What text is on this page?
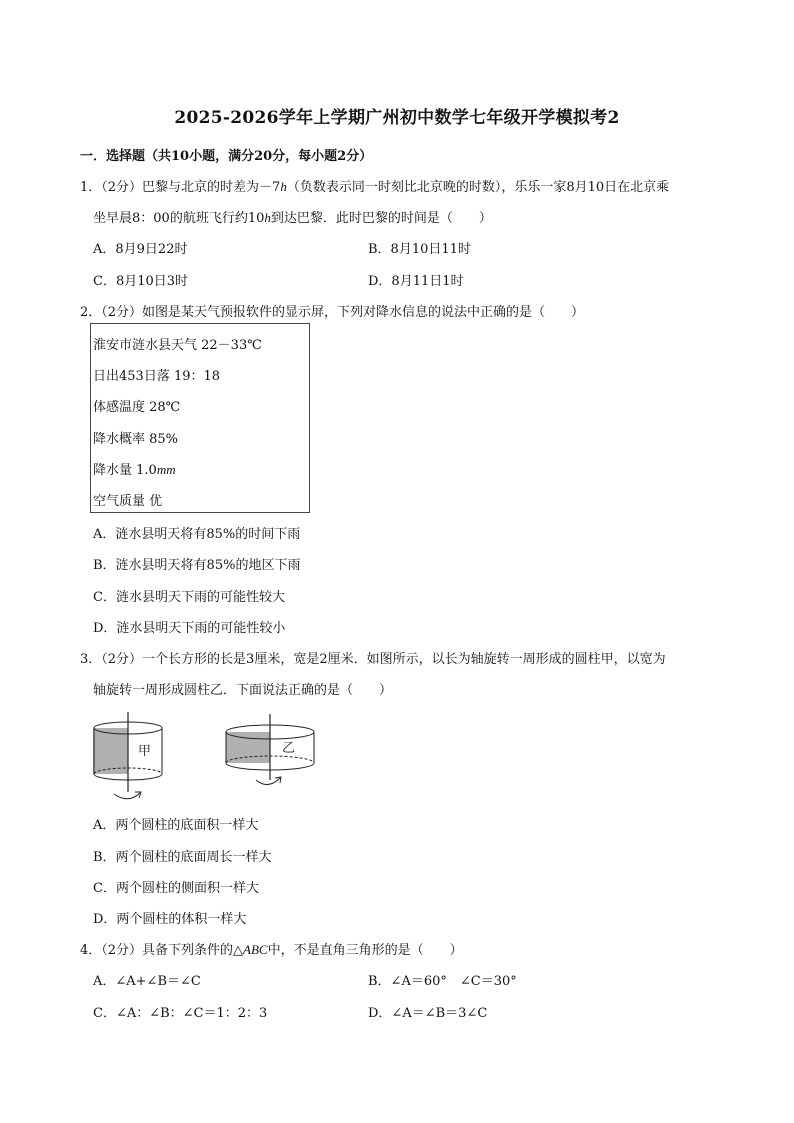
2025-2026学年上学期广州初中数学七年级开学模拟考2
一．选择题（共10小题，满分20分，每小题2分）
1．（2分）巴黎与北京的时差为－7h（负数表示同一时刻比北京晚的时数），乐乐一家8月10日在北京乘
坐早晨8：00的航班飞行约10h到达巴黎．此时巴黎的时间是（　　）
A．8月9日22时	B．8月10日11时
C．8月10日3时	D．8月11日1时
2．（2分）如图是某天气预报软件的显示屏，下列对降水信息的说法中正确的是（　　）
淮安市涟水县天气 22－33℃
日出453日落 19：18
体感温度 28℃
降水概率 85%
降水量 1.0mm
空气质量 优
A．涟水县明天将有85%的时间下雨
B．涟水县明天将有85%的地区下雨
C．涟水县明天下雨的可能性较大
D．涟水县明天下雨的可能性较小
3．（2分）一个长方形的长是3厘米，宽是2厘米．如图所示，以长为轴旋转一周形成的圆柱甲，以宽为
轴旋转一周形成圆柱乙．下面说法正确的是（　　）
甲	乙
A．两个圆柱的底面积一样大
B．两个圆柱的底面周长一样大
C．两个圆柱的侧面积一样大
D．两个圆柱的体积一样大
4．（2分）具备下列条件的△ABC中，不是直角三角形的是（　　）
A．∠A+∠B＝∠C	B．∠A＝60°　∠C＝30°
C．∠A：∠B：∠C＝1：2：3	D．∠A＝∠B＝3∠C
